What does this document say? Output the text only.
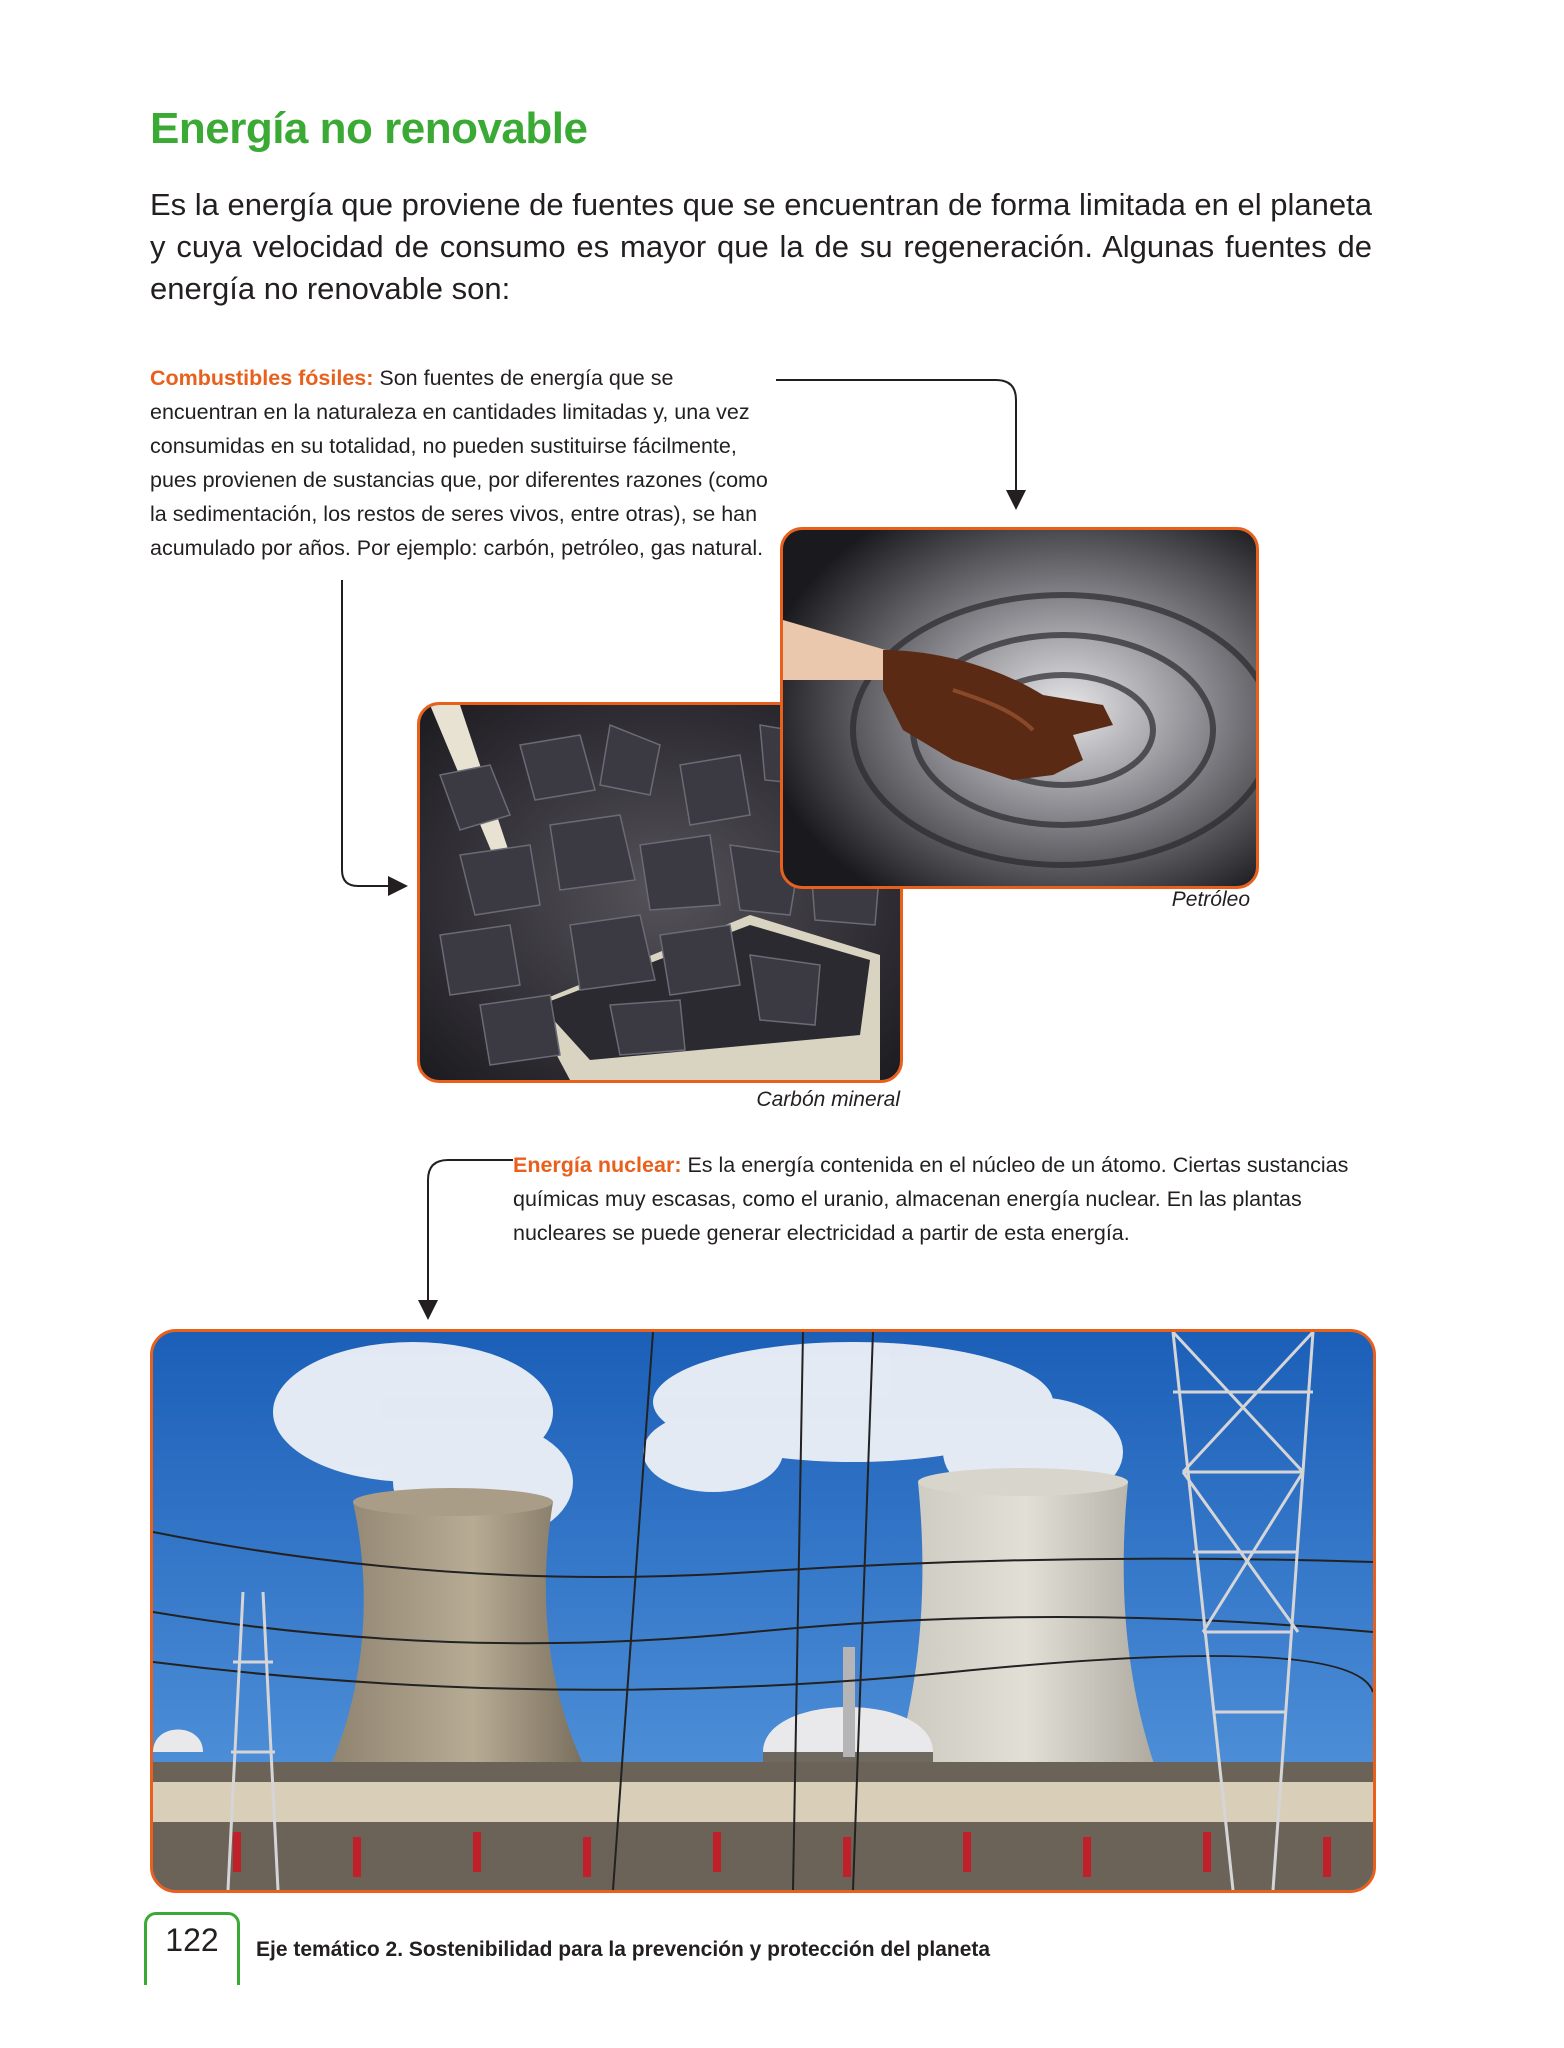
Energía no renovable

Es la energía que proviene de fuentes que se encuentran de forma limitada en el planeta y cuya velocidad de consumo es mayor que la de su regeneración. Algunas fuentes de energía no renovable son:

Combustibles fósiles: Son fuentes de energía que se encuentran en la naturaleza en cantidades limitadas y, una vez consumidas en su totalidad, no pueden sustituirse fácilmente, pues provienen de sustancias que, por diferentes razones (como la sedimentación, los restos de seres vivos, entre otras), se han acumulado por años. Por ejemplo: carbón, petróleo, gas natural.

Petróleo

Carbón mineral

Energía nuclear: Es la energía contenida en el núcleo de un átomo. Ciertas sustancias químicas muy escasas, como el uranio, almacenan energía nuclear. En las plantas nucleares se puede generar electricidad a partir de esta energía.

122	Eje temático 2. Sostenibilidad para la prevención y protección del planeta
